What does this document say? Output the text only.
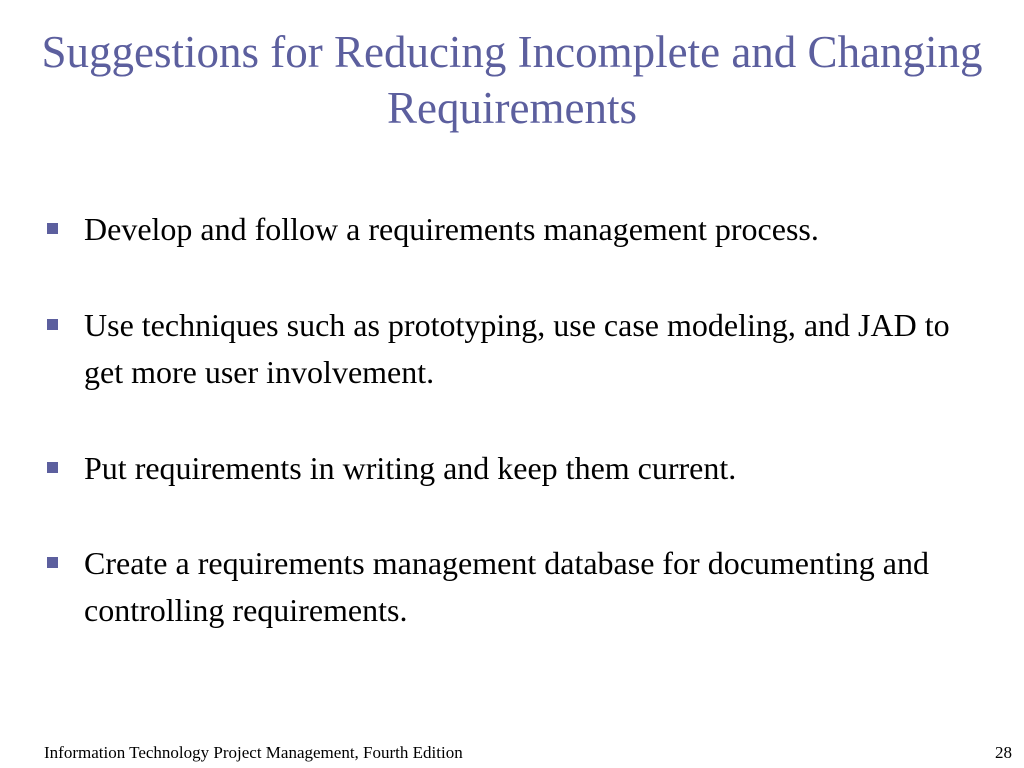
Suggestions for Reducing Incomplete and Changing Requirements
Develop and follow a requirements management process.
Use techniques such as prototyping, use case modeling, and JAD to get more user involvement.
Put requirements in writing and keep them current.
Create a requirements management database for documenting and controlling requirements.
Information Technology Project Management, Fourth Edition	28
